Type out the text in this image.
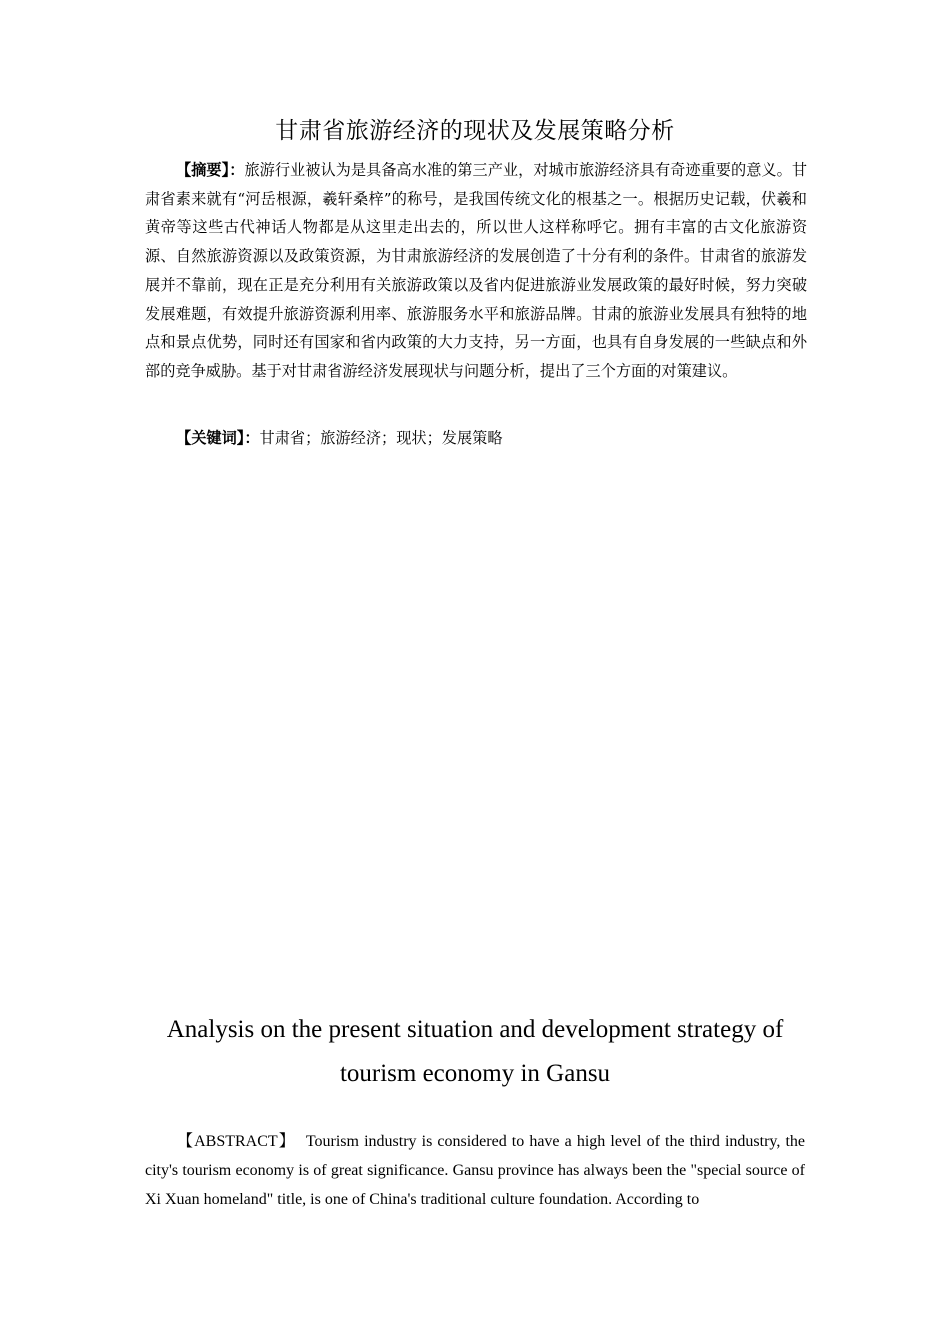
甘肃省旅游经济的现状及发展策略分析
【摘要】：旅游行业被认为是具备高水准的第三产业，对城市旅游经济具有奇迹重要的意义。甘肃省素来就有“河岳根源，羲轩桑梓”的称号，是我国传统文化的根基之一。根据历史记载，伏羲和黄帝等这些古代神话人物都是从这里走出去的，所以世人这样称呼它。拥有丰富的古文化旅游资源、自然旅游资源以及政策资源，为甘肃旅游经济的发展创造了十分有利的条件。甘肃省的旅游发展并不靠前，现在正是充分利用有关旅游政策以及省内促进旅游业发展政策的最好时候，努力突破发展难题，有效提升旅游资源利用率、旅游服务水平和旅游品牌。甘肃的旅游业发展具有独特的地点和景点优势，同时还有国家和省内政策的大力支持，另一方面，也具有自身发展的一些缺点和外部的竞争威胁。基于对甘肃省游经济发展现状与问题分析，提出了三个方面的对策建议。
【关键词】：甘肃省；旅游经济；现状；发展策略
Analysis on the present situation and development strategy of tourism economy in Gansu
【ABSTRACT】 Tourism industry is considered to have a high level of the third industry, the city's tourism economy is of great significance. Gansu province has always been the "special source of Xi Xuan homeland" title, is one of China's traditional culture foundation. According to
